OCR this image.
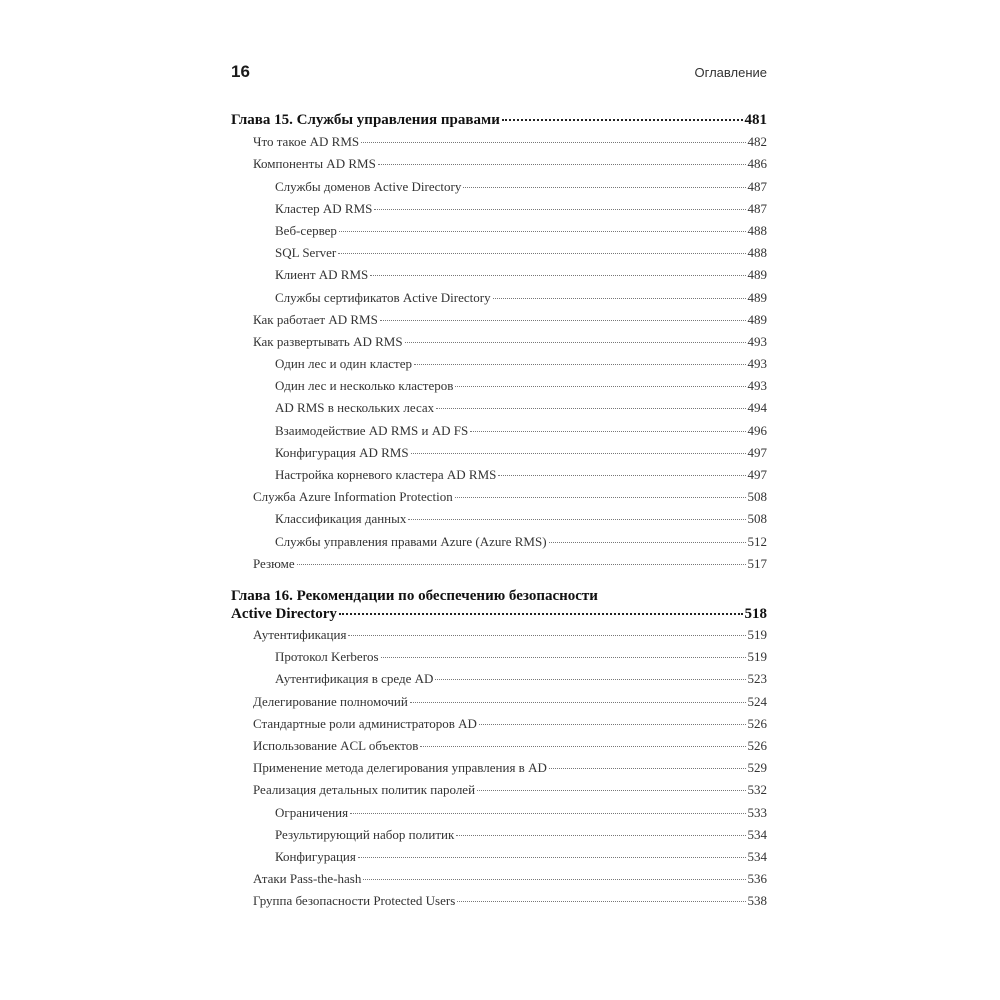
16	Оглавление
Глава 15. Службы управления правами	481
Что такое AD RMS	482
Компоненты AD RMS	486
Службы доменов Active Directory	487
Кластер AD RMS	487
Веб-сервер	488
SQL Server	488
Клиент AD RMS	489
Службы сертификатов Active Directory	489
Как работает AD RMS	489
Как развертывать AD RMS	493
Один лес и один кластер	493
Один лес и несколько кластеров	493
AD RMS в нескольких лесах	494
Взаимодействие AD RMS и AD FS	496
Конфигурация AD RMS	497
Настройка корневого кластера AD RMS	497
Служба Azure Information Protection	508
Классификация данных	508
Службы управления правами Azure (Azure RMS)	512
Резюме	517
Глава 16. Рекомендации по обеспечению безопасности
Active Directory	518
Аутентификация	519
Протокол Kerberos	519
Аутентификация в среде AD	523
Делегирование полномочий	524
Стандартные роли администраторов AD	526
Использование ACL объектов	526
Применение метода делегирования управления в AD	529
Реализация детальных политик паролей	532
Ограничения	533
Результирующий набор политик	534
Конфигурация	534
Атаки Pass-the-hash	536
Группа безопасности Protected Users	538
